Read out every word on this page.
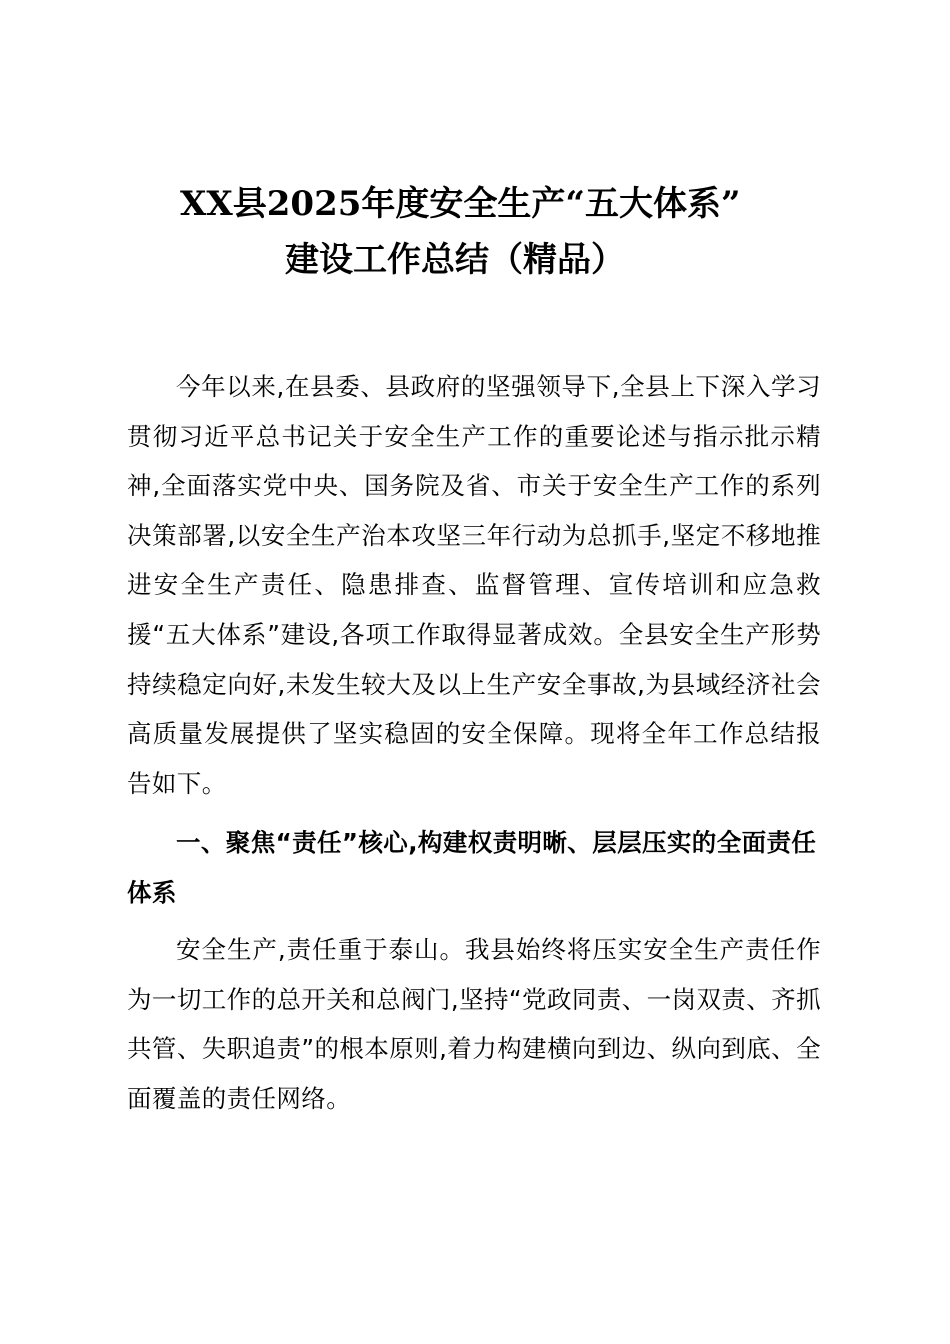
XX县2025年度安全生产“五大体系”
建设工作总结（精品）

今年以来,在县委、县政府的坚强领导下,全县上下深入学习贯彻习近平总书记关于安全生产工作的重要论述与指示批示精神,全面落实党中央、国务院及省、市关于安全生产工作的系列决策部署,以安全生产治本攻坚三年行动为总抓手,坚定不移地推进安全生产责任、隐患排查、监督管理、宣传培训和应急救援“五大体系”建设,各项工作取得显著成效。全县安全生产形势持续稳定向好,未发生较大及以上生产安全事故,为县域经济社会高质量发展提供了坚实稳固的安全保障。现将全年工作总结报告如下。

一、聚焦“责任”核心,构建权责明晰、层层压实的全面责任体系

安全生产,责任重于泰山。我县始终将压实安全生产责任作为一切工作的总开关和总阀门,坚持“党政同责、一岗双责、齐抓共管、失职追责”的根本原则,着力构建横向到边、纵向到底、全面覆盖的责任网络。
